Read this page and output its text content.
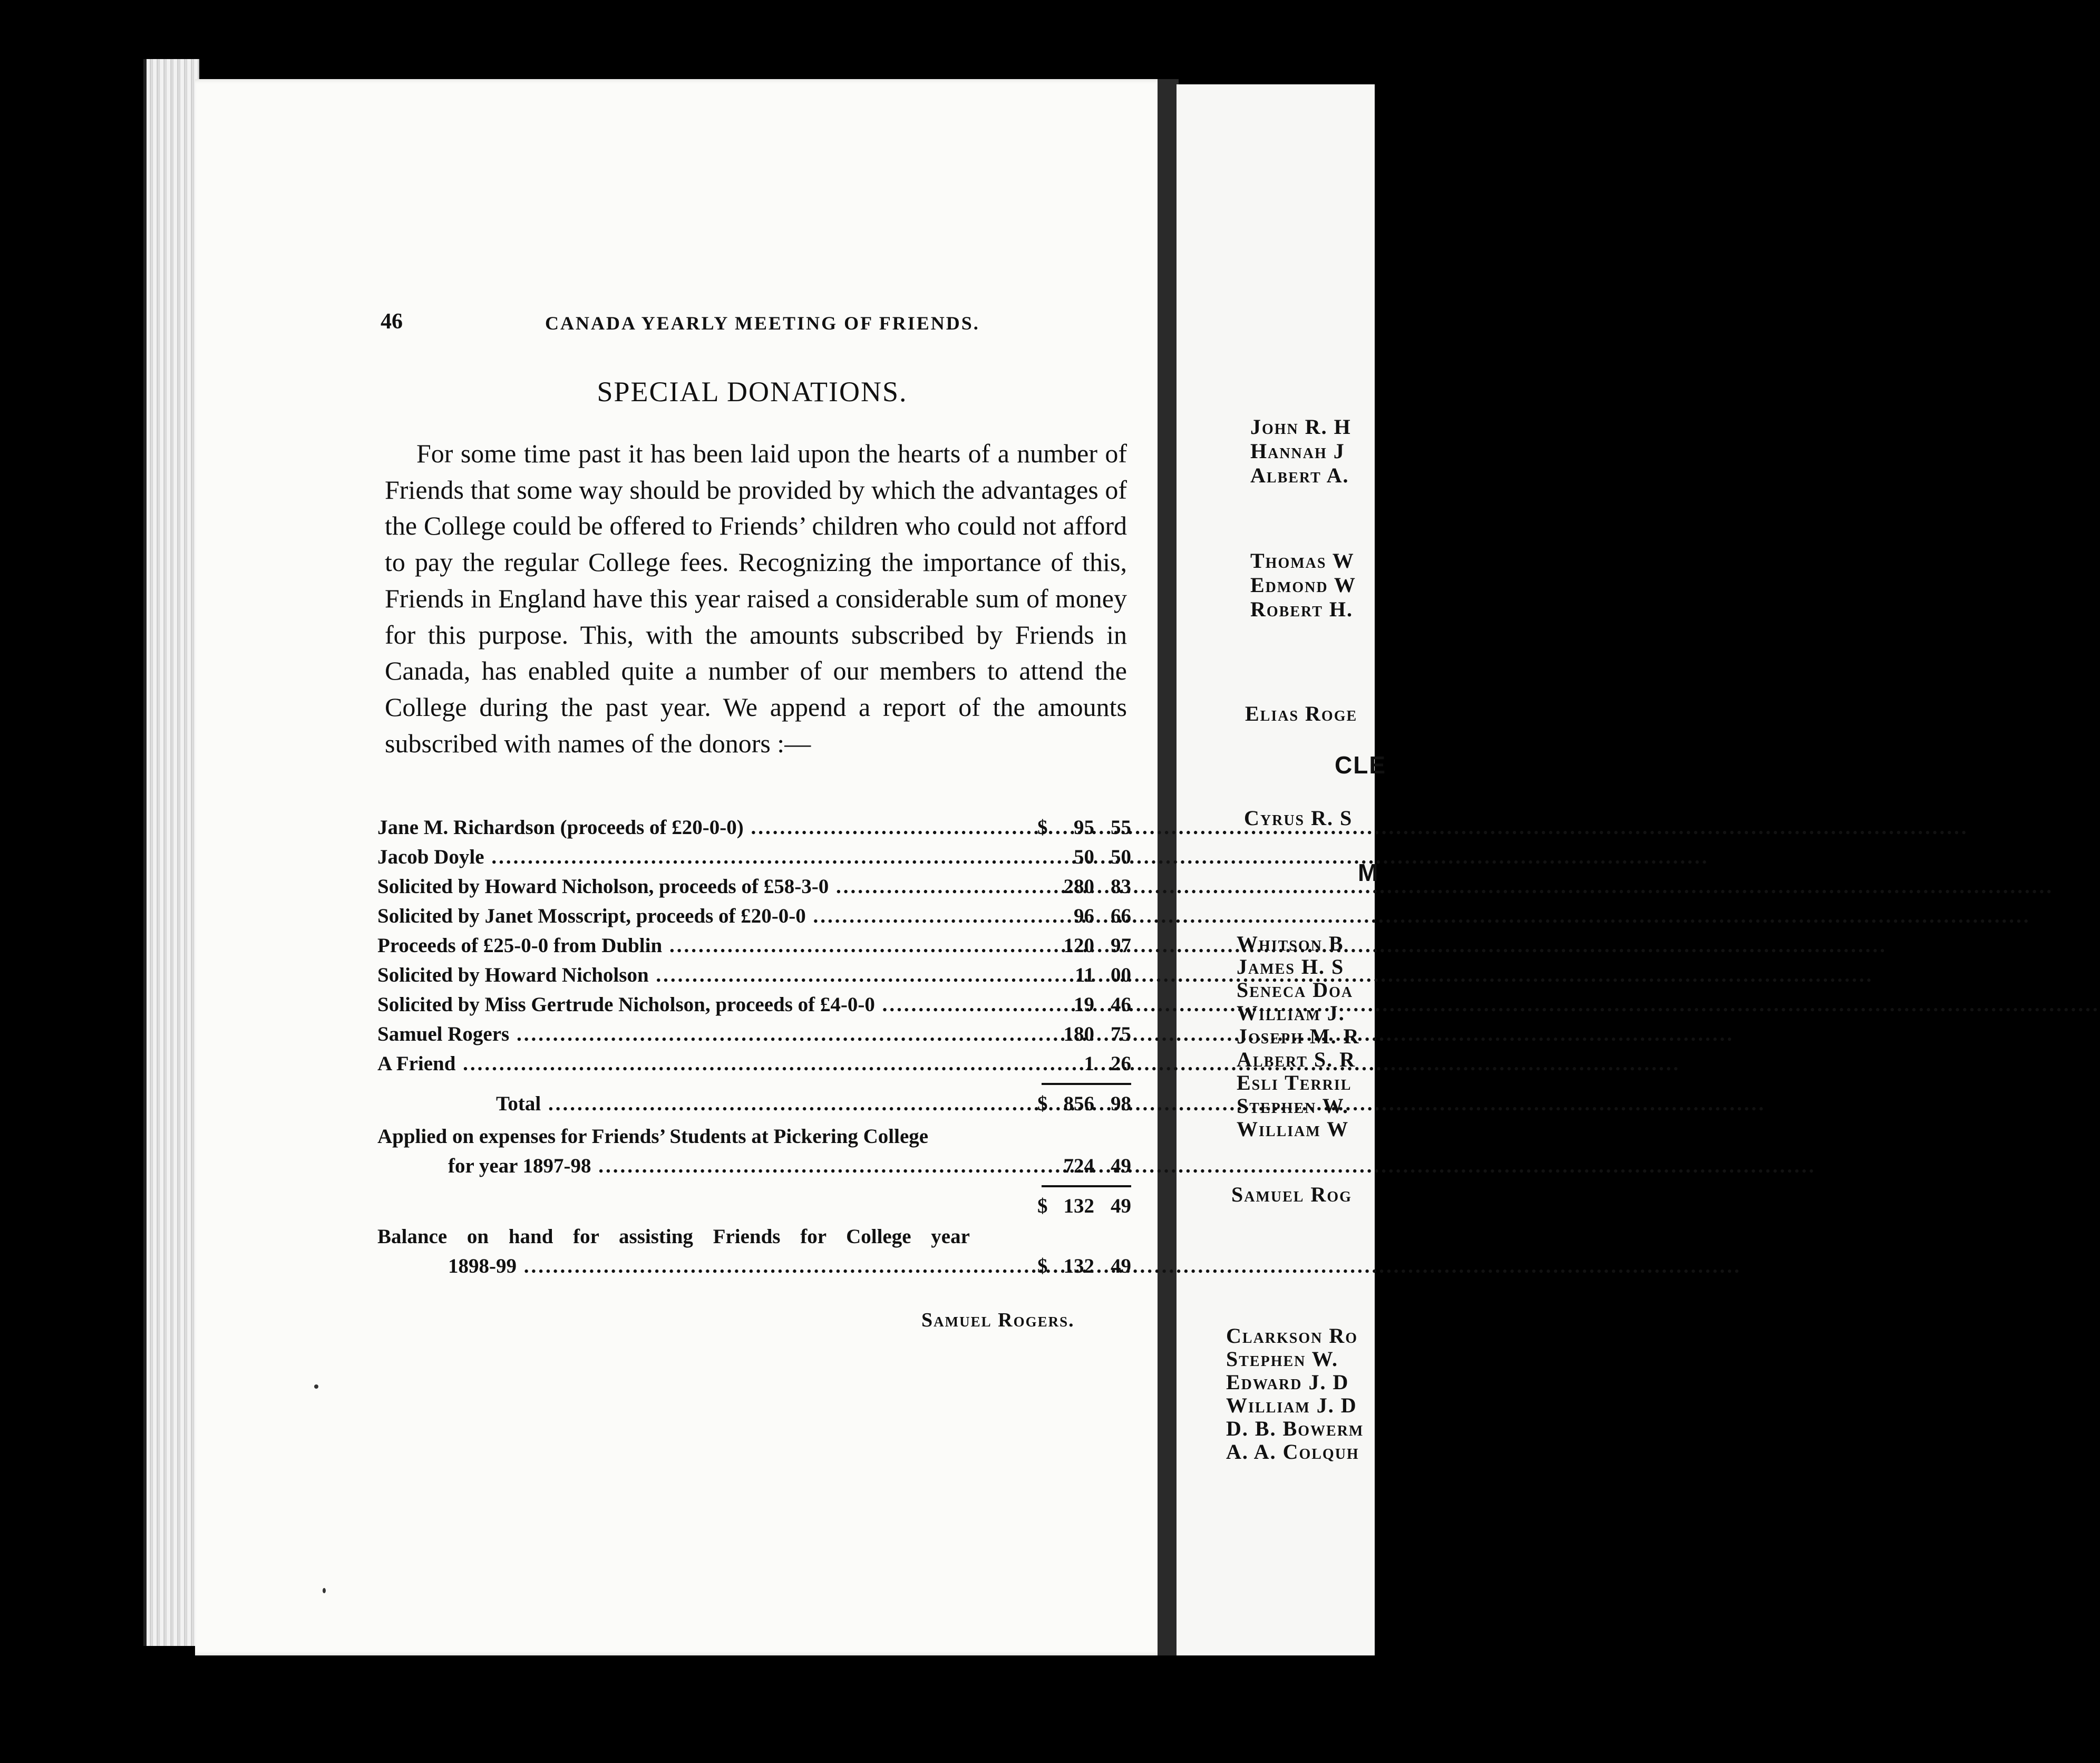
46	CANADA YEARLY MEETING OF FRIENDS.
SPECIAL DONATIONS.
For some time past it has been laid upon the hearts of a number of Friends that some way should be provided by which the advantages of the College could be offered to Friends’ children who could not afford to pay the regular College fees. Recognizing the importance of this, Friends in England have this year raised a considerable sum of money for this purpose. This, with the amounts subscribed by Friends in Canada, has enabled quite a number of our members to attend the College during the past year. We append a report of the amounts subscribed with names of the donors :—
Jane M. Richardson (proceeds of £20-0-0) .....	$	95 55
Jacob Doyle .....	50 50
Solicited by Howard Nicholson, proceeds of £58-3-0 .....	280 83
Solicited by Janet Mosscript, proceeds of £20-0-0 .....	96 66
Proceeds of £25-0-0 from Dublin .....	120 97
Solicited by Howard Nicholson .....	11 00
Solicited by Miss Gertrude Nicholson, proceeds of £4-0-0 .....	19 46
Samuel Rogers .....	180 75
A Friend .....	1 26
Total .....	$ 856 98
Applied on expenses for Friends’ Students at Pickering College
for year 1897-98 .....	724 49
$ 132 49
Balance on hand for assisting Friends for College year
1898-99 .....	$ 132 49
Samuel Rogers.
John R. H
Hannah J
Albert A.
Thomas W
Edmond W
Robert H.
Elias Roge
CLE
Cyrus R. S
M
Whitson B
James H. S
Seneca Doa
William J.
Joseph M. R
Albert S. R
Esli Terril
Stephen W.
William W
Samuel Rog
Clarkson Ro
Stephen W.
Edward J. D
William J. D
D. B. Bowerm
A. A. Colquh
